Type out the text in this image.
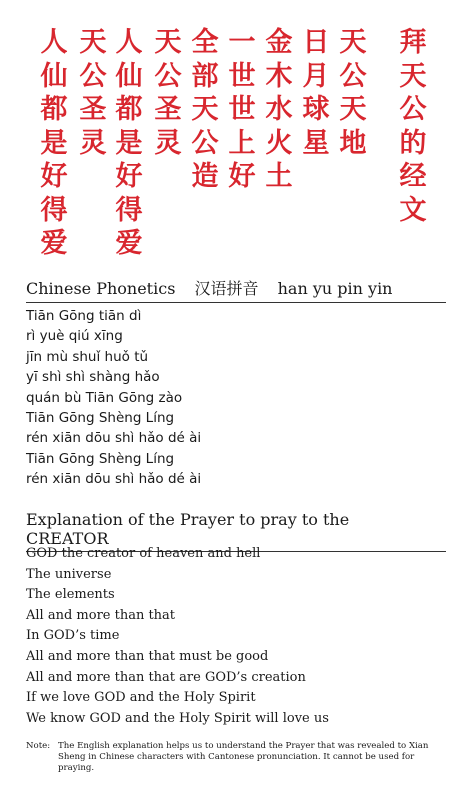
拜
天
公
的
经
文
天
公
天
地
日
月
球
星
金
木
水
火
土
一
世
世
上
好
全
部
天
公
造
天
公
圣
灵
人
仙
都
是
好
得
爱
天
公
圣
灵
人
仙
都
是
好
得
爱
Chinese Phonetics 汉语拼音 han yu pin yin
Tiān Gōng tiān dì
rì yuè qiú xīng
jīn mù shuǐ huǒ tǔ
yī shì shì shàng hǎo
quán bù Tiān Gōng zào
Tiān Gōng Shèng Líng
rén xiān dōu shì hǎo dé ài
Tiān Gōng Shèng Líng
rén xiān dōu shì hǎo dé ài
Explanation of the Prayer to pray to the CREATOR
GOD the creator of heaven and hell
The universe
The elements
All and more than that
In GOD’s time
All and more than that must be good
All and more than that are GOD’s creation
If we love GOD and the Holy Spirit
We know GOD and the Holy Spirit will love us
Note: The English explanation helps us to understand the Prayer that was revealed to Xian Sheng in Chinese characters with Cantonese pronunciation. It cannot be used for praying.
